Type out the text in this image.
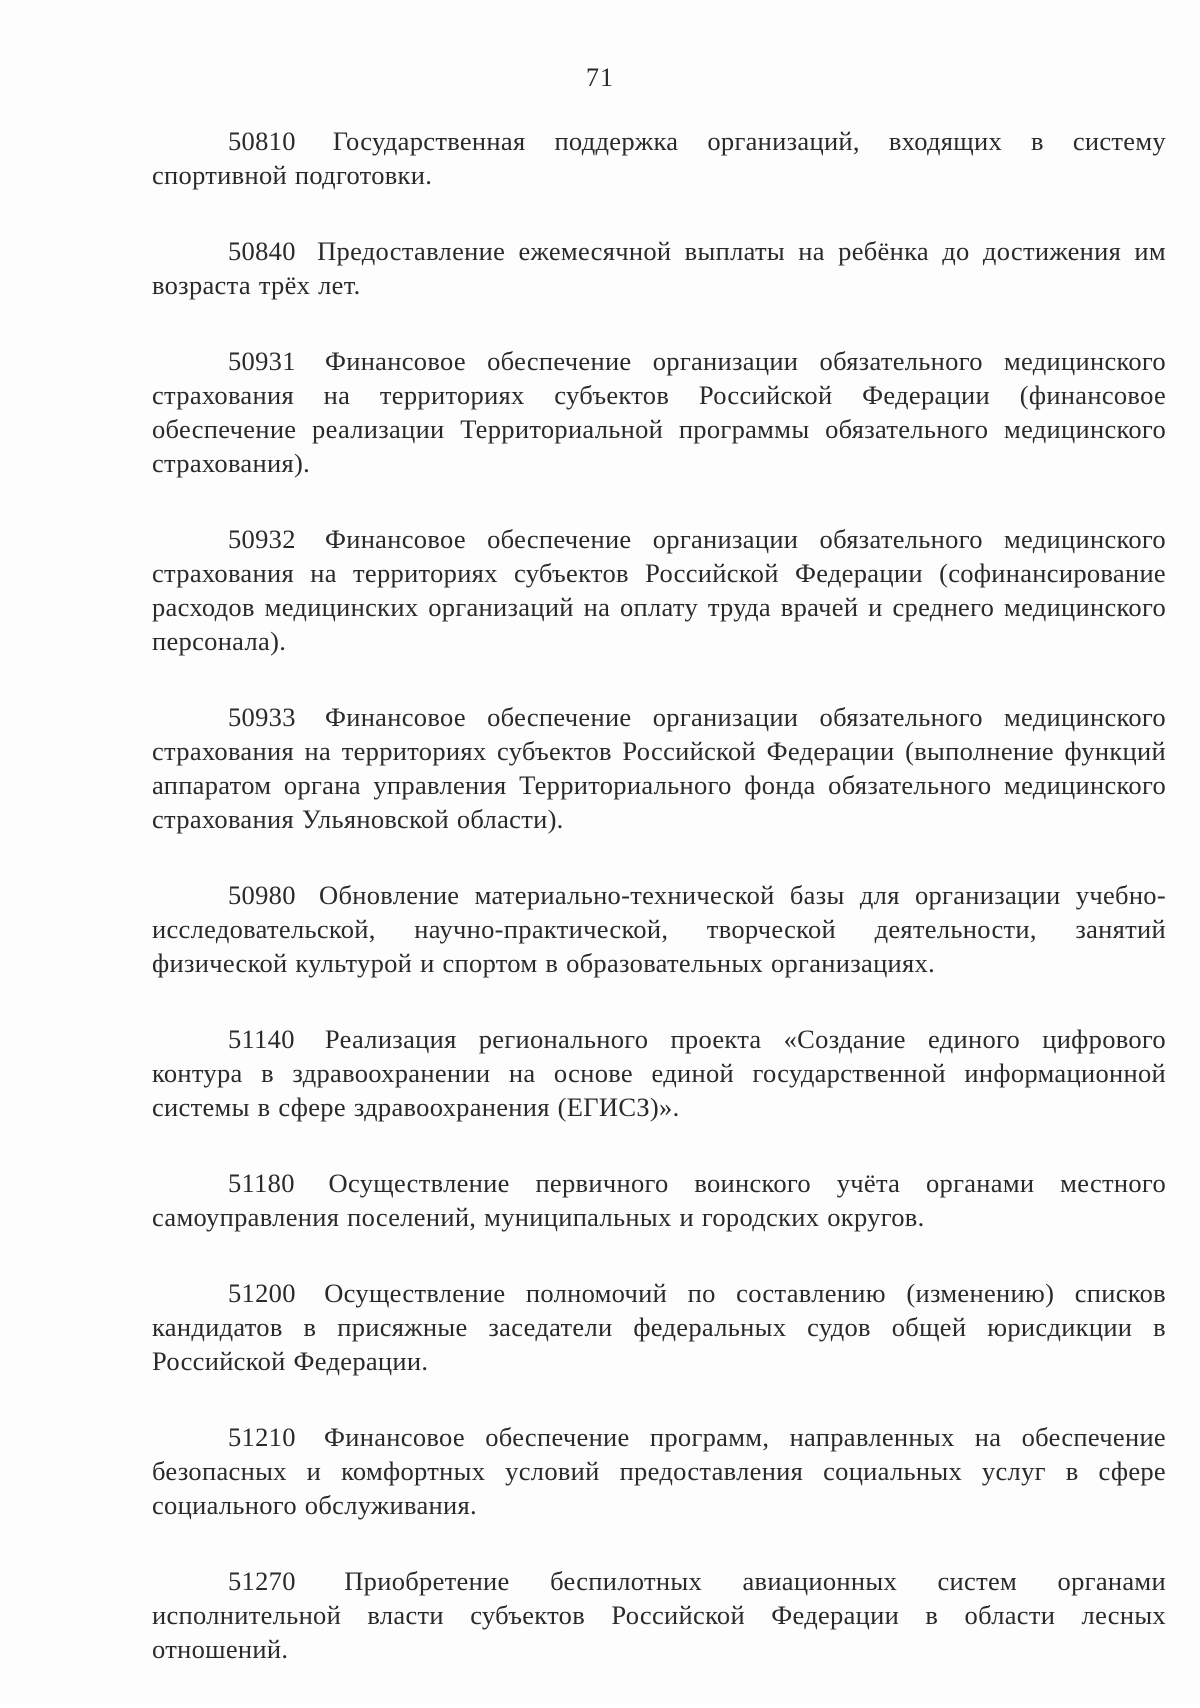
71

50810 Государственная поддержка организаций, входящих в систему спортивной подготовки.

50840 Предоставление ежемесячной выплаты на ребёнка до достижения им возраста трёх лет.

50931 Финансовое обеспечение организации обязательного медицинского страхования на территориях субъектов Российской Федерации (финансовое обеспечение реализации Территориальной программы обязательного медицинского страхования).

50932 Финансовое обеспечение организации обязательного медицинского страхования на территориях субъектов Российской Федерации (софинансирование расходов медицинских организаций на оплату труда врачей и среднего медицинского персонала).

50933 Финансовое обеспечение организации обязательного медицинского страхования на территориях субъектов Российской Федерации (выполнение функций аппаратом органа управления Территориального фонда обязательного медицинского страхования Ульяновской области).

50980 Обновление материально-технической базы для организации учебно-исследовательской, научно-практической, творческой деятельности, занятий физической культурой и спортом в образовательных организациях.

51140 Реализация регионального проекта «Создание единого цифрового контура в здравоохранении на основе единой государственной информационной системы в сфере здравоохранения (ЕГИСЗ)».

51180 Осуществление первичного воинского учёта органами местного самоуправления поселений, муниципальных и городских округов.

51200 Осуществление полномочий по составлению (изменению) списков кандидатов в присяжные заседатели федеральных судов общей юрисдикции в Российской Федерации.

51210 Финансовое обеспечение программ, направленных на обеспечение безопасных и комфортных условий предоставления социальных услуг в сфере социального обслуживания.

51270 Приобретение беспилотных авиационных систем органами исполнительной власти субъектов Российской Федерации в области лесных отношений.
